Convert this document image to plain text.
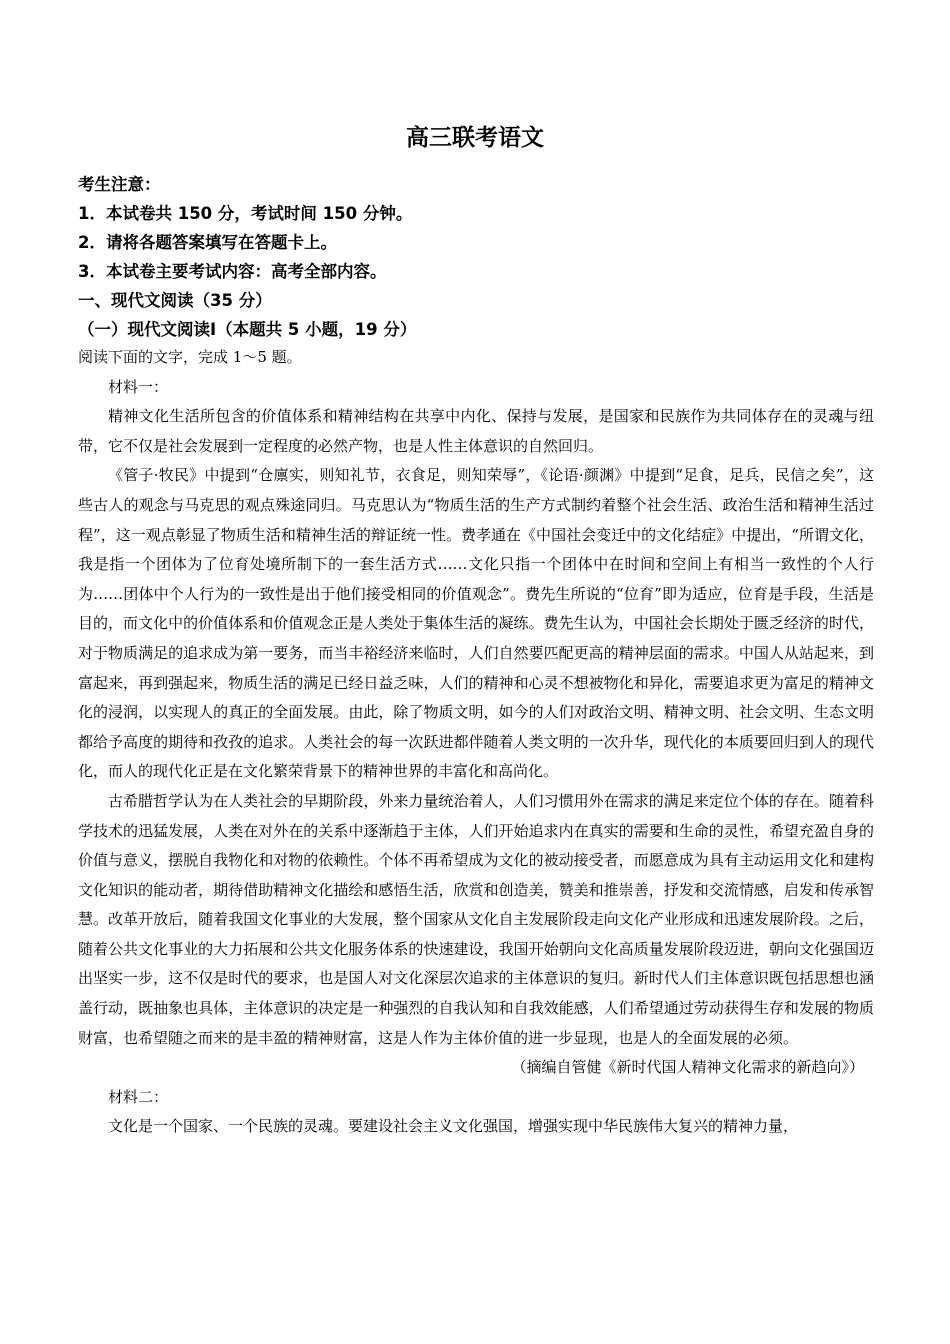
高三联考语文
考生注意：
1．本试卷共 150 分，考试时间 150 分钟。
2．请将各题答案填写在答题卡上。
3．本试卷主要考试内容：高考全部内容。
一、现代文阅读（35 分）
（一）现代文阅读Ⅰ（本题共 5 小题，19 分）

阅读下面的文字，完成 1～5 题。

材料一：

精神文化生活所包含的价值体系和精神结构在共享中内化、保持与发展，是国家和民族作为共同体存在的灵魂与纽带，它不仅是社会发展到一定程度的必然产物，也是人性主体意识的自然回归。

《管子·牧民》中提到“仓廪实，则知礼节，衣食足，则知荣辱”，《论语·颜渊》中提到“足食，足兵，民信之矣”，这些古人的观念与马克思的观点殊途同归。马克思认为“物质生活的生产方式制约着整个社会生活、政治生活和精神生活过程”，这一观点彰显了物质生活和精神生活的辩证统一性。费孝通在《中国社会变迁中的文化结症》中提出，“所谓文化，我是指一个团体为了位育处境所制下的一套生活方式……文化只指一个团体中在时间和空间上有相当一致性的个人行为……团体中个人行为的一致性是出于他们接受相同的价值观念”。费先生所说的“位育”即为适应，位育是手段，生活是目的，而文化中的价值体系和价值观念正是人类处于集体生活的凝练。费先生认为，中国社会长期处于匮乏经济的时代，对于物质满足的追求成为第一要务，而当丰裕经济来临时，人们自然要匹配更高的精神层面的需求。中国人从站起来，到富起来，再到强起来，物质生活的满足已经日益乏味，人们的精神和心灵不想被物化和异化，需要追求更为富足的精神文化的浸润，以实现人的真正的全面发展。由此，除了物质文明，如今的人们对政治文明、精神文明、社会文明、生态文明都给予高度的期待和孜孜的追求。人类社会的每一次跃进都伴随着人类文明的一次升华，现代化的本质要回归到人的现代化，而人的现代化正是在文化繁荣背景下的精神世界的丰富化和高尚化。

古希腊哲学认为在人类社会的早期阶段，外来力量统治着人，人们习惯用外在需求的满足来定位个体的存在。随着科学技术的迅猛发展，人类在对外在的关系中逐渐趋于主体，人们开始追求内在真实的需要和生命的灵性，希望充盈自身的价值与意义，摆脱自我物化和对物的依赖性。个体不再希望成为文化的被动接受者，而愿意成为具有主动运用文化和建构文化知识的能动者，期待借助精神文化描绘和感悟生活，欣赏和创造美，赞美和推崇善，抒发和交流情感，启发和传承智慧。改革开放后，随着我国文化事业的大发展，整个国家从文化自主发展阶段走向文化产业形成和迅速发展阶段。之后，随着公共文化事业的大力拓展和公共文化服务体系的快速建设，我国开始朝向文化高质量发展阶段迈进，朝向文化强国迈出坚实一步，这不仅是时代的要求，也是国人对文化深层次追求的主体意识的复归。新时代人们主体意识既包括思想也涵盖行动，既抽象也具体，主体意识的决定是一种强烈的自我认知和自我效能感，人们希望通过劳动获得生存和发展的物质财富，也希望随之而来的是丰盈的精神财富，这是人作为主体价值的进一步显现，也是人的全面发展的必须。

（摘编自管健《新时代国人精神文化需求的新趋向》）

材料二：

文化是一个国家、一个民族的灵魂。要建设社会主义文化强国，增强实现中华民族伟大复兴的精神力量，
